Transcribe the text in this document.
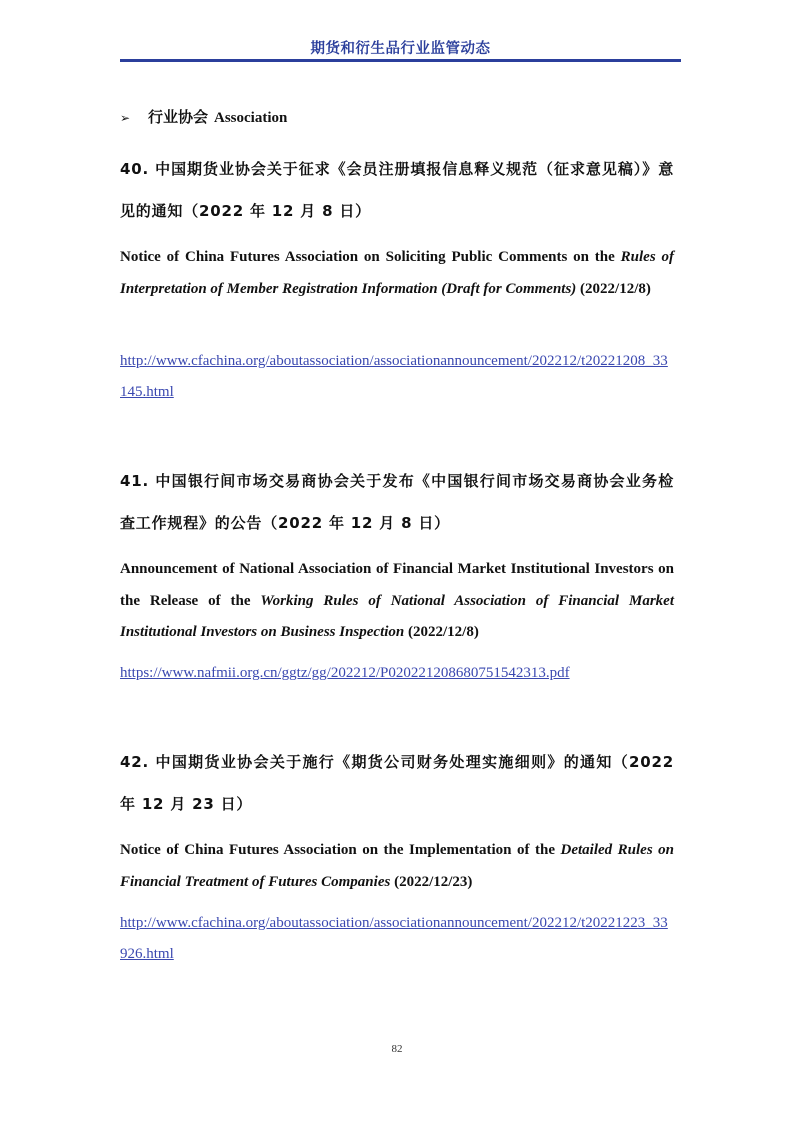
期货和衍生品行业监管动态
➢ 行业协会 Association
40. 中国期货业协会关于征求《会员注册填报信息释义规范（征求意见稿）》意见的通知（2022 年 12 月 8 日）
Notice of China Futures Association on Soliciting Public Comments on the Rules of Interpretation of Member Registration Information (Draft for Comments) (2022/12/8)
http://www.cfachina.org/aboutassociation/associationannouncement/202212/t20221208_33145.html
41. 中国银行间市场交易商协会关于发布《中国银行间市场交易商协会业务检查工作规程》的公告（2022 年 12 月 8 日）
Announcement of National Association of Financial Market Institutional Investors on the Release of the Working Rules of National Association of Financial Market Institutional Investors on Business Inspection (2022/12/8)
https://www.nafmii.org.cn/ggtz/gg/202212/P020221208680751542313.pdf
42. 中国期货业协会关于施行《期货公司财务处理实施细则》的通知（2022 年 12 月 23 日）
Notice of China Futures Association on the Implementation of the Detailed Rules on Financial Treatment of Futures Companies (2022/12/23)
http://www.cfachina.org/aboutassociation/associationannouncement/202212/t20221223_33926.html
82
